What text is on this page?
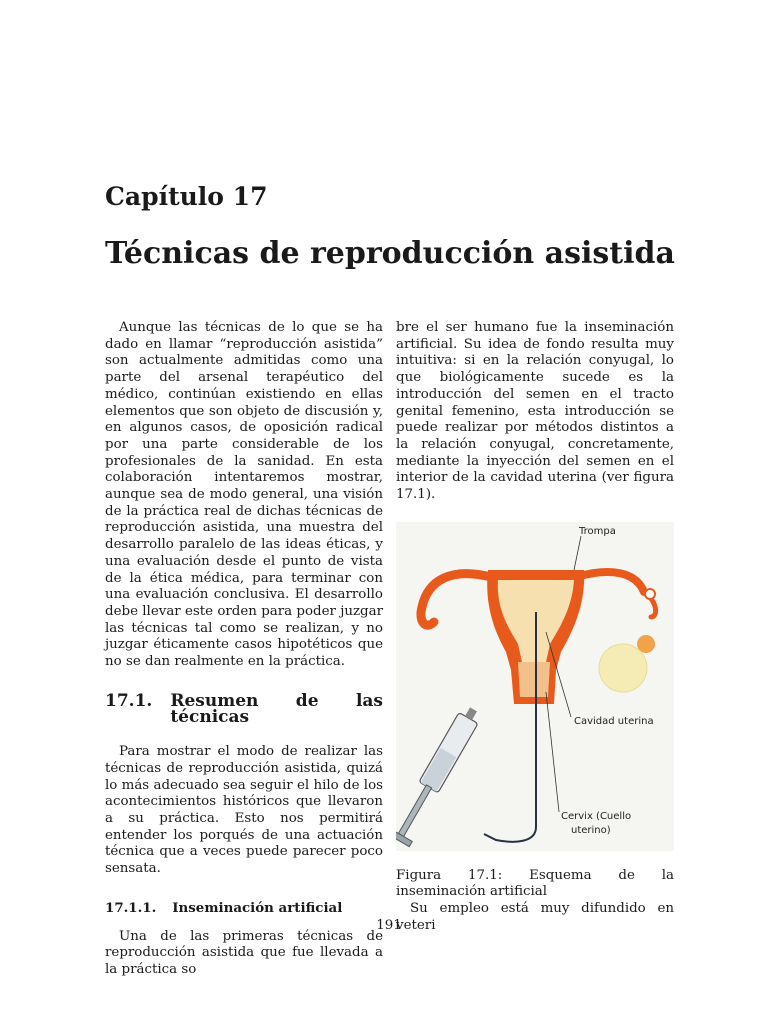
Capítulo 17
Técnicas de reproducción asistida

Aunque las técnicas de lo que se ha dado en llamar “reproducción asistida” son actualmente admitidas como una parte del arsenal terapéutico del médico, continúan existiendo en ellas elementos que son objeto de discusión y, en algunos casos, de oposición radical por una parte considerable de los profesionales de la sanidad. En esta colaboración intentaremos mostrar, aunque sea de modo general, una visión de la práctica real de dichas técnicas de reproducción asistida, una muestra del desarrollo paralelo de las ideas éticas, y una evaluación desde el punto de vista de la ética médica, para terminar con una evaluación conclusiva. El desarrollo debe llevar este orden para poder juzgar las técnicas tal como se realizan, y no juzgar éticamente casos hipotéticos que no se dan realmente en la práctica.

17.1. Resumen de las técnicas

Para mostrar el modo de realizar las técnicas de reproducción asistida, quizá lo más adecuado sea seguir el hilo de los acontecimientos históricos que llevaron a su práctica. Esto nos permitirá entender los porqués de una actuación técnica que a veces puede parecer poco sensata.

17.1.1. Inseminación artificial

Una de las primeras técnicas de reproducción asistida que fue llevada a la práctica so

bre el ser humano fue la inseminación artificial. Su idea de fondo resulta muy intuitiva: si en la relación conyugal, lo que biológicamente sucede es la introducción del semen en el tracto genital femenino, esta introducción se puede realizar por métodos distintos a la relación conyugal, concretamente, mediante la inyección del semen en el interior de la cavidad uterina (ver figura 17.1).

Trompa
Cavidad uterina
Cervix (Cuello
uterino)
Figura 17.1: Esquema de la inseminación artificial

Su empleo está muy difundido en veteri

191
